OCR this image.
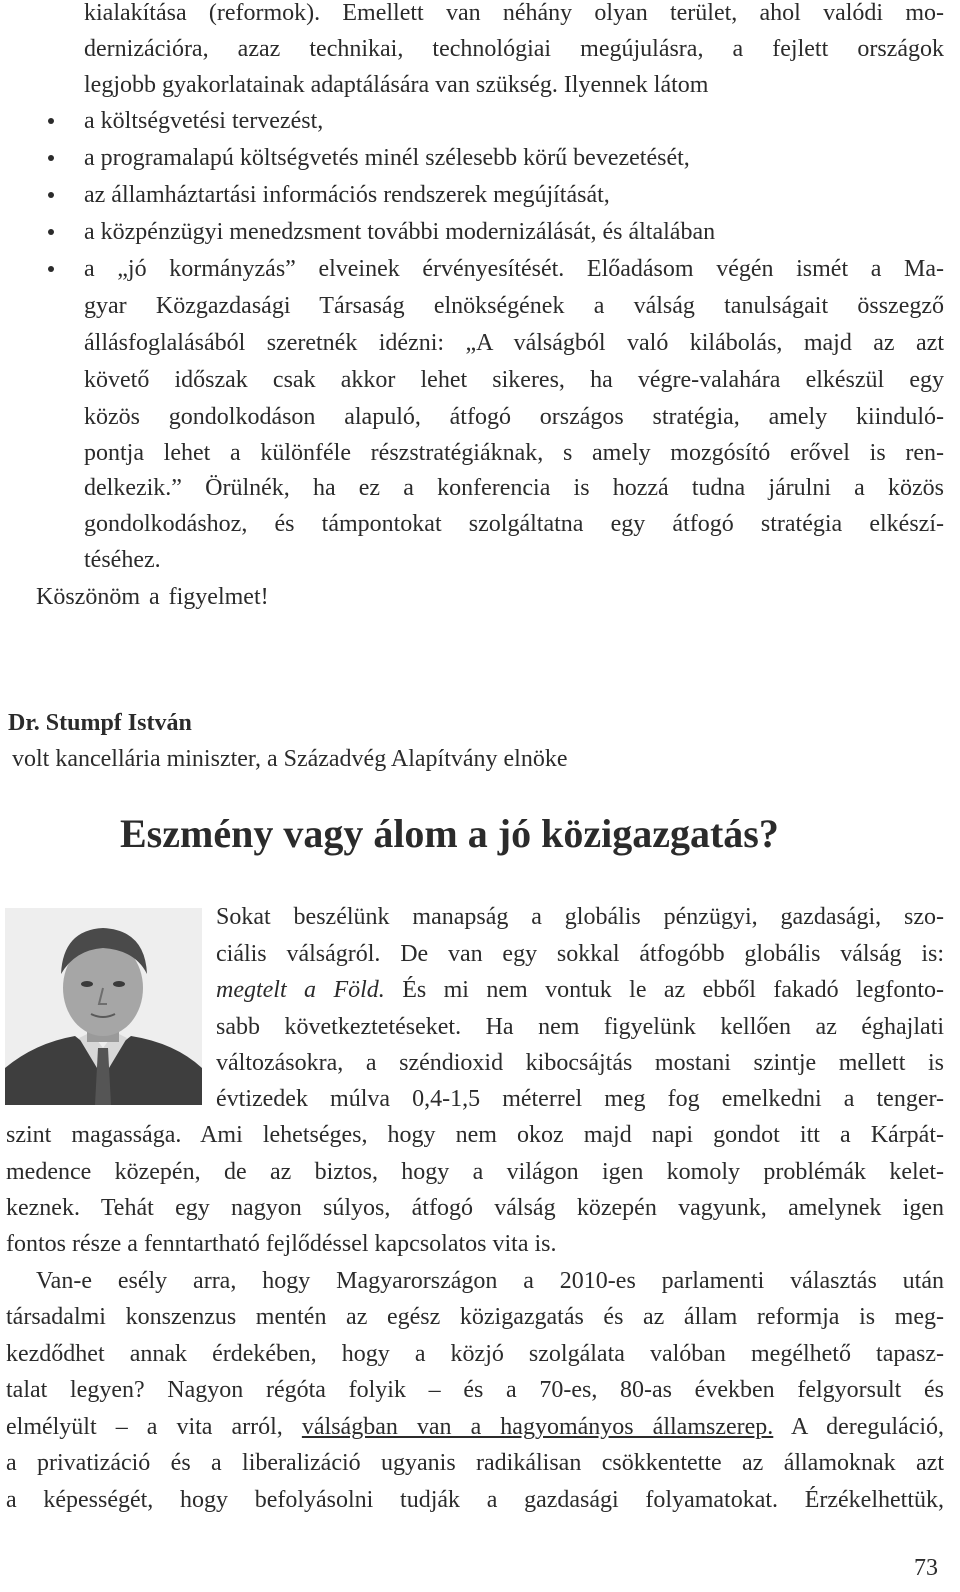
kialakítása (reformok). Emellett van néhány olyan terület, ahol valódi mo-
dernizációra, azaz technikai, technológiai megújulásra, a fejlett országok
legjobb gyakorlatainak adaptálására van szükség. Ilyennek látom
a költségvetési tervezést,
a programalapú költségvetés minél szélesebb körű bevezetését,
az államháztartási információs rendszerek megújítását,
a közpénzügyi menedzsment további modernizálását, és általában
a „jó kormányzás” elveinek érvényesítését. Előadásom végén ismét a Ma-
gyar Közgazdasági Társaság elnökségének a válság tanulságait összegző
állásfoglalásából szeretnék idézni: „A válságból való kilábolás, majd az azt
követő időszak csak akkor lehet sikeres, ha végre-valahára elkészül egy
közös gondolkodáson alapuló, átfogó országos stratégia, amely kiinduló-
pontja lehet a különféle részstratégiáknak, s amely mozgósító erővel is ren-
delkezik.” Örülnék, ha ez a konferencia is hozzá tudna járulni a közös
gondolkodáshoz, és támpontokat szolgáltatna egy átfogó stratégia elkészí-
téséhez.
Köszönöm a figyelmet!
Dr. Stumpf István
volt kancellária miniszter, a Századvég Alapítvány elnöke
Eszmény vagy álom a jó közigazgatás?
Sokat beszélünk manapság a globális pénzügyi, gazdasági, szo-
ciális válságról. De van egy sokkal átfogóbb globális válság is:
megtelt a Föld. És mi nem vontuk le az ebből fakadó legfonto-
sabb következtetéseket. Ha nem figyelünk kellően az éghajlati
változásokra, a széndioxid kibocsájtás mostani szintje mellett is
évtizedek múlva 0,4-1,5 méterrel meg fog emelkedni a tenger-
szint magassága. Ami lehetséges, hogy nem okoz majd napi gondot itt a Kárpát-
medence közepén, de az biztos, hogy a világon igen komoly problémák kelet-
keznek. Tehát egy nagyon súlyos, átfogó válság közepén vagyunk, amelynek igen
fontos része a fenntartható fejlődéssel kapcsolatos vita is.
Van-e esély arra, hogy Magyarországon a 2010-es parlamenti választás után
társadalmi konszenzus mentén az egész közigazgatás és az állam reformja is meg-
kezdődhet annak érdekében, hogy a közjó szolgálata valóban megélhető tapasz-
talat legyen? Nagyon régóta folyik – és a 70-es, 80-as években felgyorsult és
elmélyült – a vita arról, válságban van a hagyományos államszerep. A dereguláció,
a privatizáció és a liberalizáció ugyanis radikálisan csökkentette az államoknak azt
a képességét, hogy befolyásolni tudják a gazdasági folyamatokat. Érzékelhettük,
73
